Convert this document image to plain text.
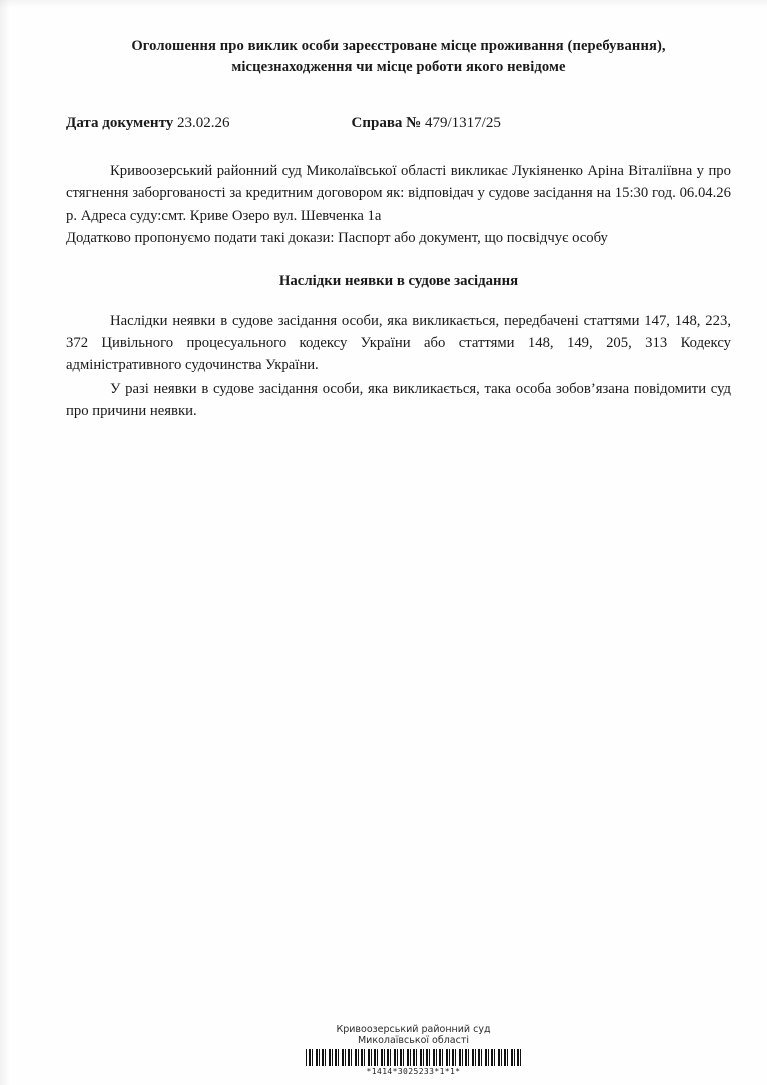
Оголошення про виклик особи зареєстроване місце проживання (перебування),
місцезнаходження чи місце роботи якого невідоме
Дата документу 23.02.26	Справа № 479/1317/25
Кривоозерський районний суд Миколаївської області викликає Лукіяненко Аріна Віталіївна у про стягнення заборгованості за кредитним договором як: відповідач у судове засідання на 15:30 год. 06.04.26 р. Адреса суду:смт. Криве Озеро вул. Шевченка 1а
Додатково пропонуємо подати такі докази: Паспорт або документ, що посвідчує особу
Наслідки неявки в судове засідання
Наслідки неявки в судове засідання особи, яка викликається, передбачені статтями 147, 148, 223, 372 Цивільного процесуального кодексу України або статтями 148, 149, 205, 313 Кодексу адміністративного судочинства України.
У разі неявки в судове засідання особи, яка викликається, така особа зобов’язана повідомити суд про причини неявки.
Кривоозерський районний суд
Миколаївської області
*1414*3025233*1*1*
